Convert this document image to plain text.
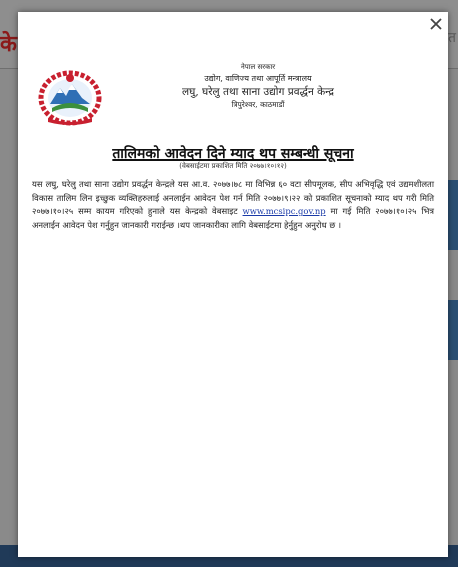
के	त
नेपाल सरकार
उद्योग, वाणिज्य तथा आपूर्ति मन्त्रालय
लघु, घरेलु तथा साना उद्योग प्रवर्द्धन केन्द्र
त्रिपुरेश्वर, काठमाडौं
तालिमको आवेदन दिने म्याद थप सम्बन्धी सूचना
(वेबसाईटमा प्रकाशित मिति २०७७।१०।१२)
यस लघु, घरेलु तथा साना उद्योग प्रवर्द्धन केन्द्रले यस आ.व. २०७७।७८ मा विभिन्न ६० वटा सीपमूलक, सीप अभिवृद्धि एवं उद्यमशीलता विकास तालिम लिन इच्छुक व्यक्तिहरुलाई अनलाईन आवेदन पेश गर्न मिति २०७७।९।२२ को प्रकाशित सूचनाको म्याद थप गरी मिति २०७७।१०।२५ सम्म कायम गरिएको हुनाले यस केन्द्रको वेबसाइट www.mcsipc.gov.np मा गई मिति २०७७।१०।२५ भित्र अनलाईन आवेदन पेश गर्नुहुन जानकारी गराईन्छ ।थप जानकारीका लागि वेबसाईटमा हेर्नुहुन अनुरोध छ ।
